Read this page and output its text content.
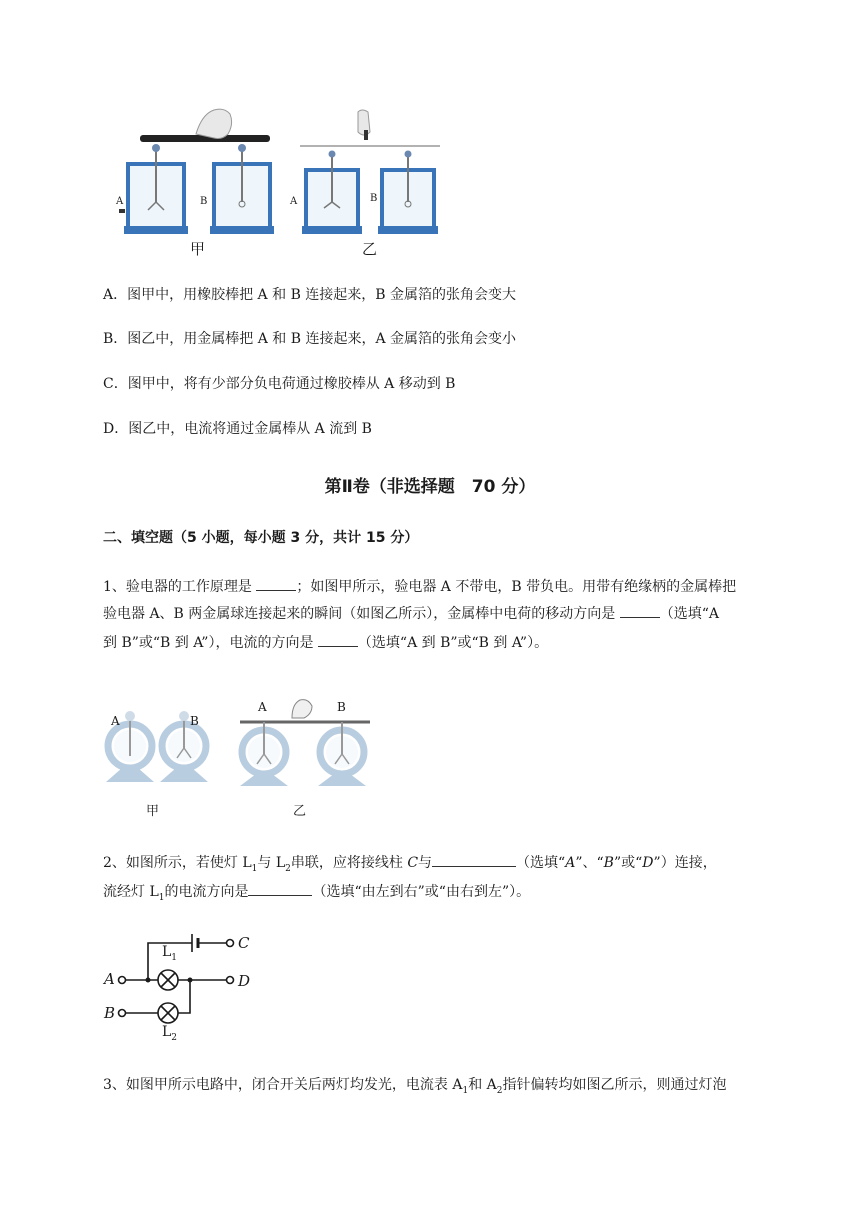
A	B	A	B
甲	乙
A．图甲中，用橡胶棒把 A 和 B 连接起来，B 金属箔的张角会变大
B．图乙中，用金属棒把 A 和 B 连接起来，A 金属箔的张角会变小
C．图甲中，将有少部分负电荷通过橡胶棒从 A 移动到 B
D．图乙中，电流将通过金属棒从 A 流到 B
第Ⅱ卷（非选择题　70 分）
二、填空题（5 小题，每小题 3 分，共计 15 分）
1、验电器的工作原理是	；如图甲所示，验电器 A 不带电，B 带负电。用带有绝缘柄的金属棒把
验电器 A、B 两金属球连接起来的瞬间（如图乙所示），金属棒中电荷的移动方向是	（选填“A
到 B”或“B 到 A”），电流的方向是	（选填“A 到 B”或“B 到 A”）。
A	B
A	B
甲	乙
2、如图所示，若使灯 $L_1$与 $L_2$串联，应将接线柱 C与	（选填“A”、“B”或“D”）连接，
流经灯 $L_1$的电流方向是	（选填“由左到右”或“由右到左”）。
$L_1$
$L_2$
A
B
C
D
3、如图甲所示电路中，闭合开关后两灯均发光，电流表 $A_1$和 $A_2$指针偏转均如图乙所示，则通过灯泡
